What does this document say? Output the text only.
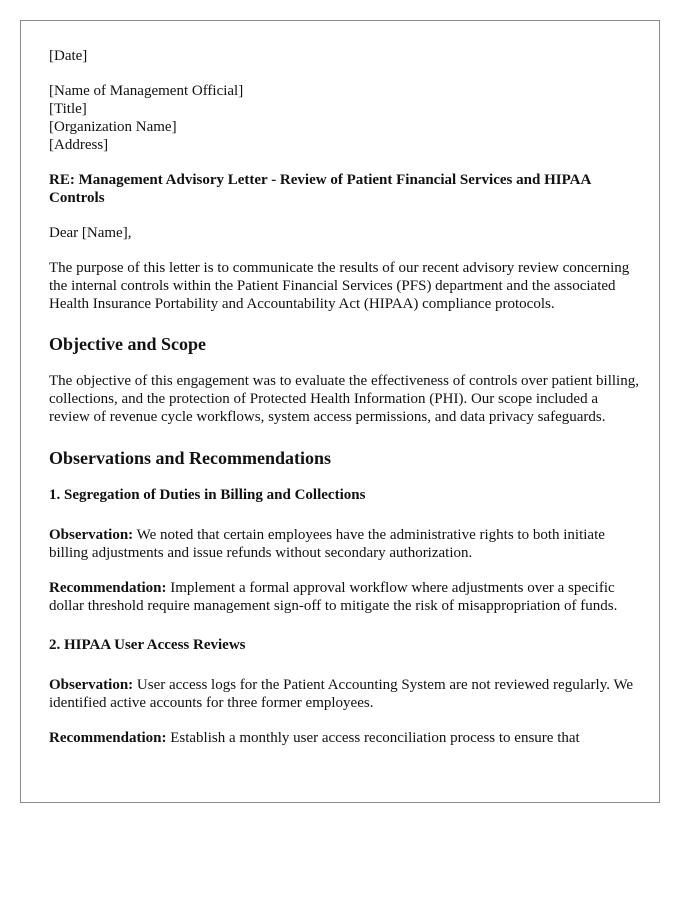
[Date]

[Name of Management Official]

[Title]

[Organization Name]

[Address]

RE: Management Advisory Letter - Review of Patient Financial Services and HIPAA Controls

Dear [Name],

The purpose of this letter is to communicate the results of our recent advisory review concerning the internal controls within the Patient Financial Services (PFS) department and the associated Health Insurance Portability and Accountability Act (HIPAA) compliance protocols.

Objective and Scope

The objective of this engagement was to evaluate the effectiveness of controls over patient billing, collections, and the protection of Protected Health Information (PHI). Our scope included a review of revenue cycle workflows, system access permissions, and data privacy safeguards.

Observations and Recommendations
1. Segregation of Duties in Billing and Collections

Observation: We noted that certain employees have the administrative rights to both initiate billing adjustments and issue refunds without secondary authorization.

Recommendation: Implement a formal approval workflow where adjustments over a specific dollar threshold require management sign-off to mitigate the risk of misappropriation of funds.

2. HIPAA User Access Reviews

Observation: User access logs for the Patient Accounting System are not reviewed regularly. We identified active accounts for three former employees.

Recommendation: Establish a monthly user access reconciliation process to ensure that
